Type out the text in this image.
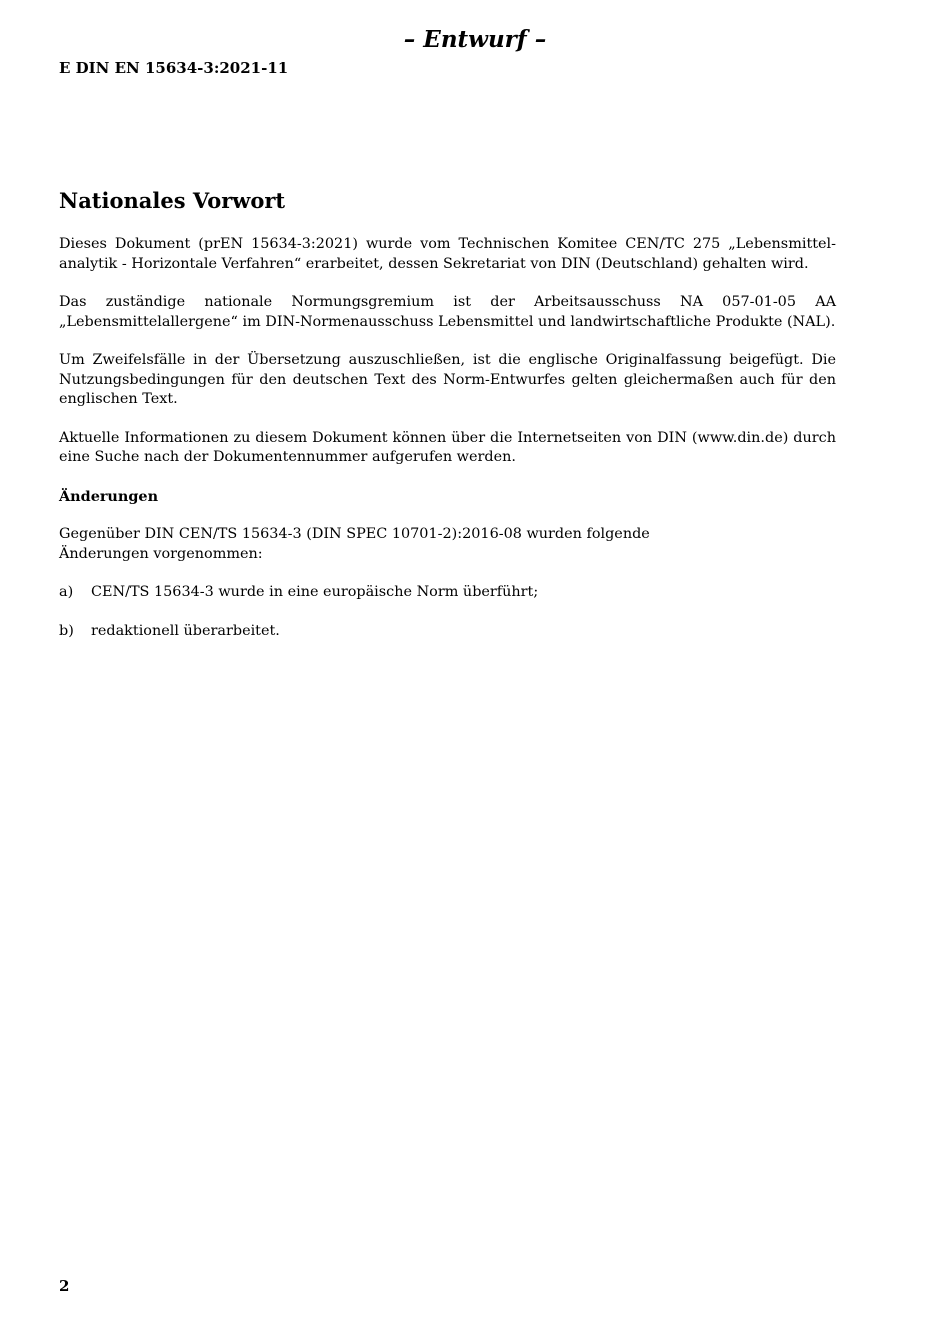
– Entwurf –
E DIN EN 15634-3:2021-11
Nationales Vorwort

Dieses Dokument (prEN 15634-3:2021) wurde vom Technischen Komitee CEN/TC 275 „Lebensmittel-analytik - Horizontale Verfahren“ erarbeitet, dessen Sekretariat von DIN (Deutschland) gehalten wird.

Das zuständige nationale Normungsgremium ist der Arbeitsausschuss NA 057-01-05 AA „Lebensmittelallergene“ im DIN-Normenausschuss Lebensmittel und landwirtschaftliche Produkte (NAL).

Um Zweifelsfälle in der Übersetzung auszuschließen, ist die englische Originalfassung beigefügt. Die Nutzungsbedingungen für den deutschen Text des Norm-Entwurfes gelten gleichermaßen auch für den englischen Text.

Aktuelle Informationen zu diesem Dokument können über die Internetseiten von DIN (www.din.de) durch eine Suche nach der Dokumentennummer aufgerufen werden.

Änderungen

Gegenüber DIN CEN/TS 15634-3 (DIN SPEC 10701-2):2016-08 wurden folgende Änderungen vorgenommen:

a)	CEN/TS 15634-3 wurde in eine europäische Norm überführt;
b)	redaktionell überarbeitet.
2
